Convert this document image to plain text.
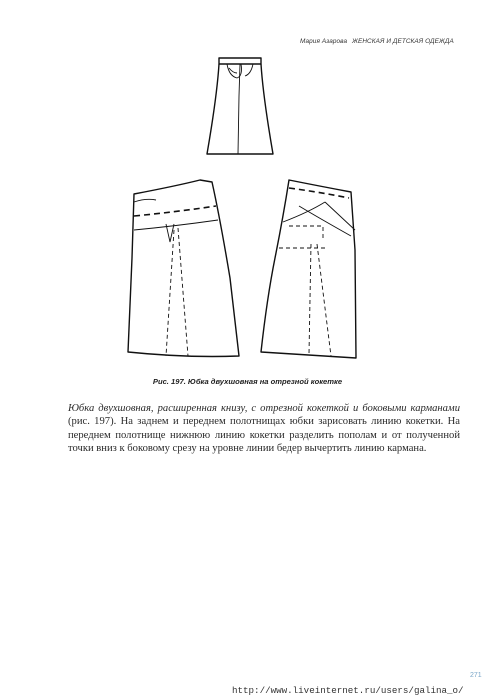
Мария Азарова ЖЕНСКАЯ И ДЕТСКАЯ ОДЕЖДА
Рис. 197. Юбка двухшовная на отрезной кокетке

Юбка двухшовная, расширенная книзу, с отрезной кокеткой и боковыми карманами (рис. 197). На заднем и переднем полотнищах юбки зарисовать линию кокетки. На переднем полотнище нижнюю линию кокетки разделить пополам и от полученной точки вниз к боковому срезу на уровне линии бедер вычертить линию кармана.

271
http://www.liveinternet.ru/users/galina_o/
